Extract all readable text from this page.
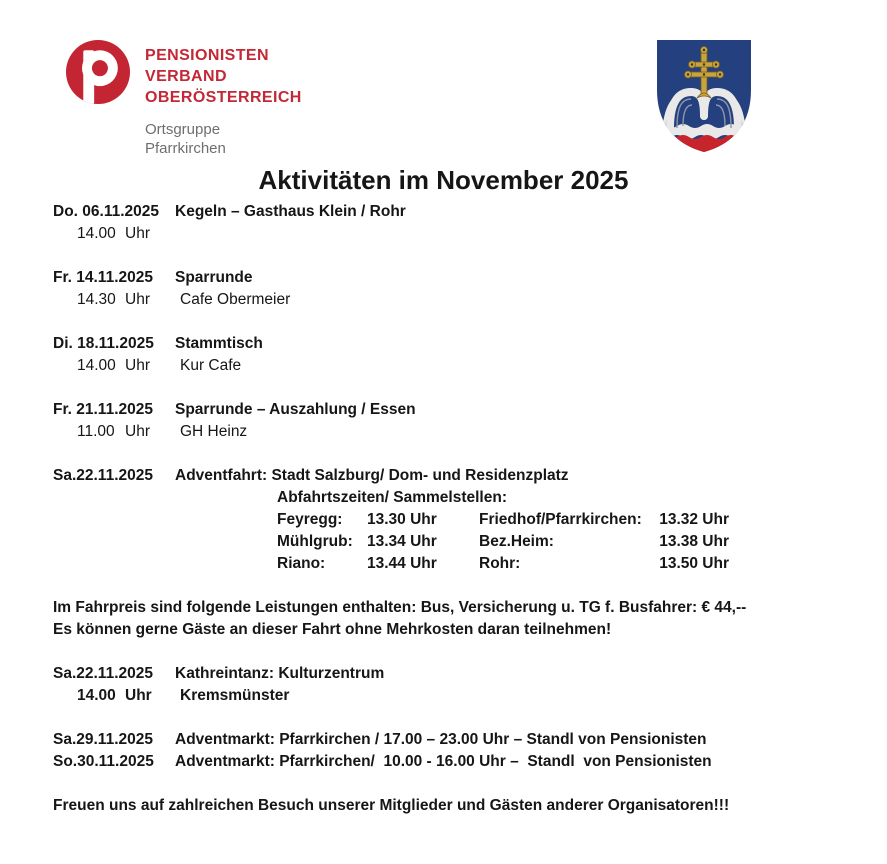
PENSIONISTEN
VERBAND
OBERÖSTERREICH
Ortsgruppe
Pfarrkirchen
Aktivitäten im November 2025
Do. 06.11.2025 Kegeln – Gasthaus Klein / Rohr
14.00 Uhr
Fr. 14.11.2025 Sparrunde
14.30 Uhr Cafe Obermeier
Di. 18.11.2025 Stammtisch
14.00 Uhr Kur Cafe
Fr. 21.11.2025 Sparrunde – Auszahlung / Essen
11.00 Uhr GH Heinz
Sa.22.11.2025 Adventfahrt: Stadt Salzburg/ Dom- und Residenzplatz
Abfahrtszeiten/ Sammelstellen:
Feyregg:	13.30 Uhr	Friedhof/Pfarrkirchen:	13.32 Uhr
Mühlgrub: 13.34 Uhr	Bez.Heim:	13.38 Uhr
Riano:	13.44 Uhr	Rohr:	13.50 Uhr
Im Fahrpreis sind folgende Leistungen enthalten: Bus, Versicherung u. TG f. Busfahrer: € 44,--
Es können gerne Gäste an dieser Fahrt ohne Mehrkosten daran teilnehmen!
Sa.22.11.2025 Kathreintanz: Kulturzentrum
14.00 Uhr Kremsmünster
Sa.29.11.2025 Adventmarkt: Pfarrkirchen / 17.00 – 23.00 Uhr – Standl von Pensionisten
So.30.11.2025 Adventmarkt: Pfarrkirchen/  10.00 - 16.00 Uhr –  Standl  von Pensionisten
Freuen uns auf zahlreichen Besuch unserer Mitglieder und Gästen anderer Organisatoren!!!
